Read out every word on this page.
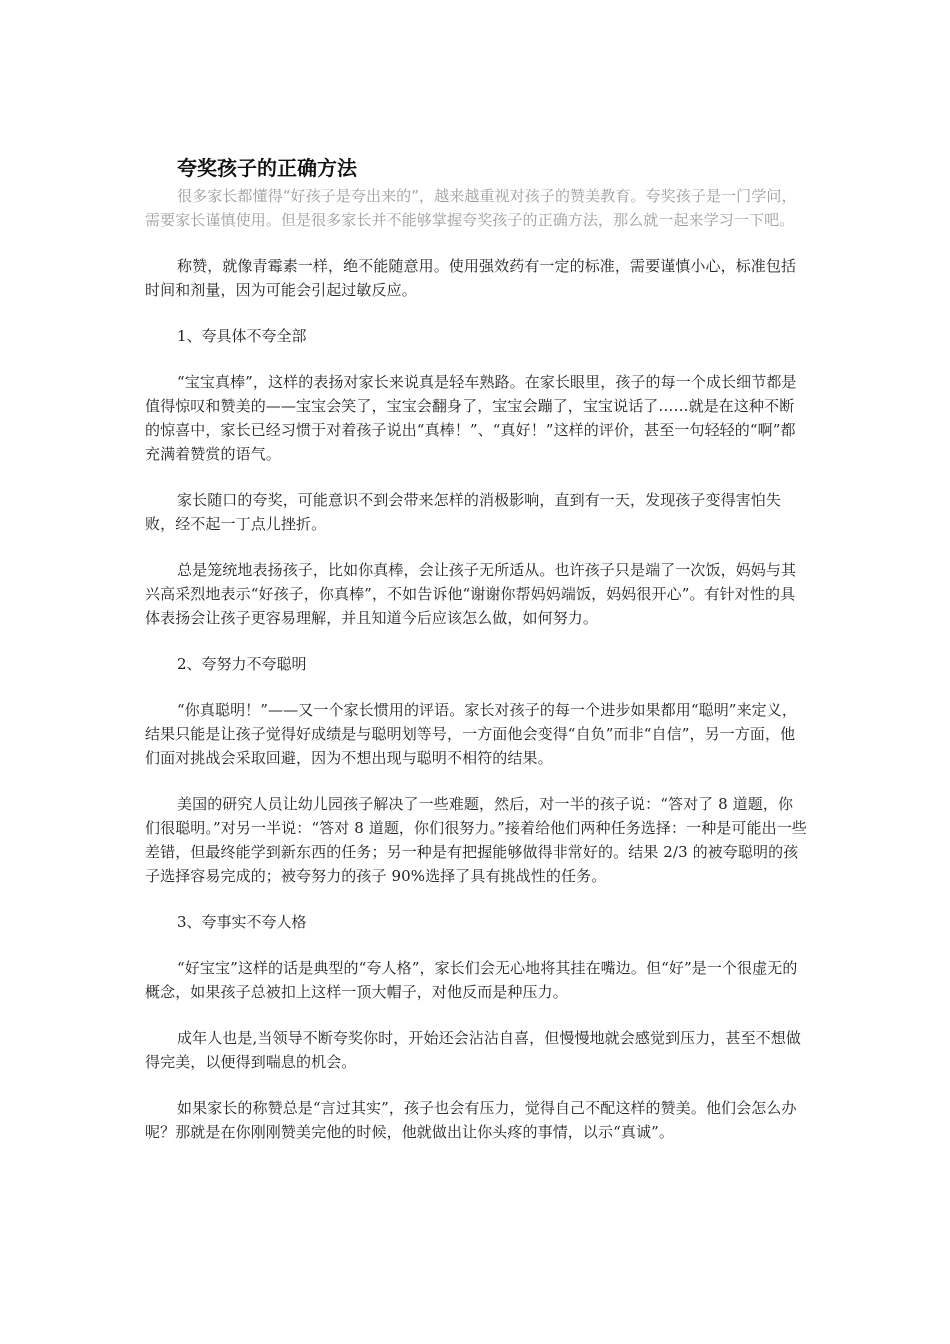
夸奖孩子的正确方法

很多家长都懂得“好孩子是夸出来的”，越来越重视对孩子的赞美教育。夸奖孩子是一门学问，需要家长谨慎使用。但是很多家长并不能够掌握夸奖孩子的正确方法，那么就一起来学习一下吧。

称赞，就像青霉素一样，绝不能随意用。使用强效药有一定的标准，需要谨慎小心，标准包括时间和剂量，因为可能会引起过敏反应。

1、夸具体不夸全部

“宝宝真棒”，这样的表扬对家长来说真是轻车熟路。在家长眼里，孩子的每一个成长细节都是值得惊叹和赞美的——宝宝会笑了，宝宝会翻身了，宝宝会蹦了，宝宝说话了……就是在这种不断的惊喜中，家长已经习惯于对着孩子说出“真棒！”、“真好！”这样的评价，甚至一句轻轻的“啊”都充满着赞赏的语气。

家长随口的夸奖，可能意识不到会带来怎样的消极影响，直到有一天，发现孩子变得害怕失败，经不起一丁点儿挫折。

总是笼统地表扬孩子，比如你真棒，会让孩子无所适从。也许孩子只是端了一次饭，妈妈与其兴高采烈地表示“好孩子，你真棒”，不如告诉他“谢谢你帮妈妈端饭，妈妈很开心”。有针对性的具体表扬会让孩子更容易理解，并且知道今后应该怎么做，如何努力。

2、夸努力不夸聪明

“你真聪明！”——又一个家长惯用的评语。家长对孩子的每一个进步如果都用“聪明”来定义，结果只能是让孩子觉得好成绩是与聪明划等号，一方面他会变得“自负”而非“自信”，另一方面，他们面对挑战会采取回避，因为不想出现与聪明不相符的结果。

美国的研究人员让幼儿园孩子解决了一些难题，然后，对一半的孩子说：“答对了 8 道题，你们很聪明。”对另一半说：“答对 8 道题，你们很努力。”接着给他们两种任务选择：一种是可能出一些差错，但最终能学到新东西的任务；另一种是有把握能够做得非常好的。结果 2/3 的被夸聪明的孩子选择容易完成的；被夸努力的孩子 90%选择了具有挑战性的任务。

3、夸事实不夸人格

“好宝宝”这样的话是典型的“夸人格”，家长们会无心地将其挂在嘴边。但“好”是一个很虚无的概念，如果孩子总被扣上这样一顶大帽子，对他反而是种压力。

成年人也是,当领导不断夸奖你时，开始还会沾沾自喜，但慢慢地就会感觉到压力，甚至不想做得完美，以便得到喘息的机会。

如果家长的称赞总是“言过其实”，孩子也会有压力，觉得自己不配这样的赞美。他们会怎么办呢？那就是在你刚刚赞美完他的时候，他就做出让你头疼的事情，以示“真诚”。
